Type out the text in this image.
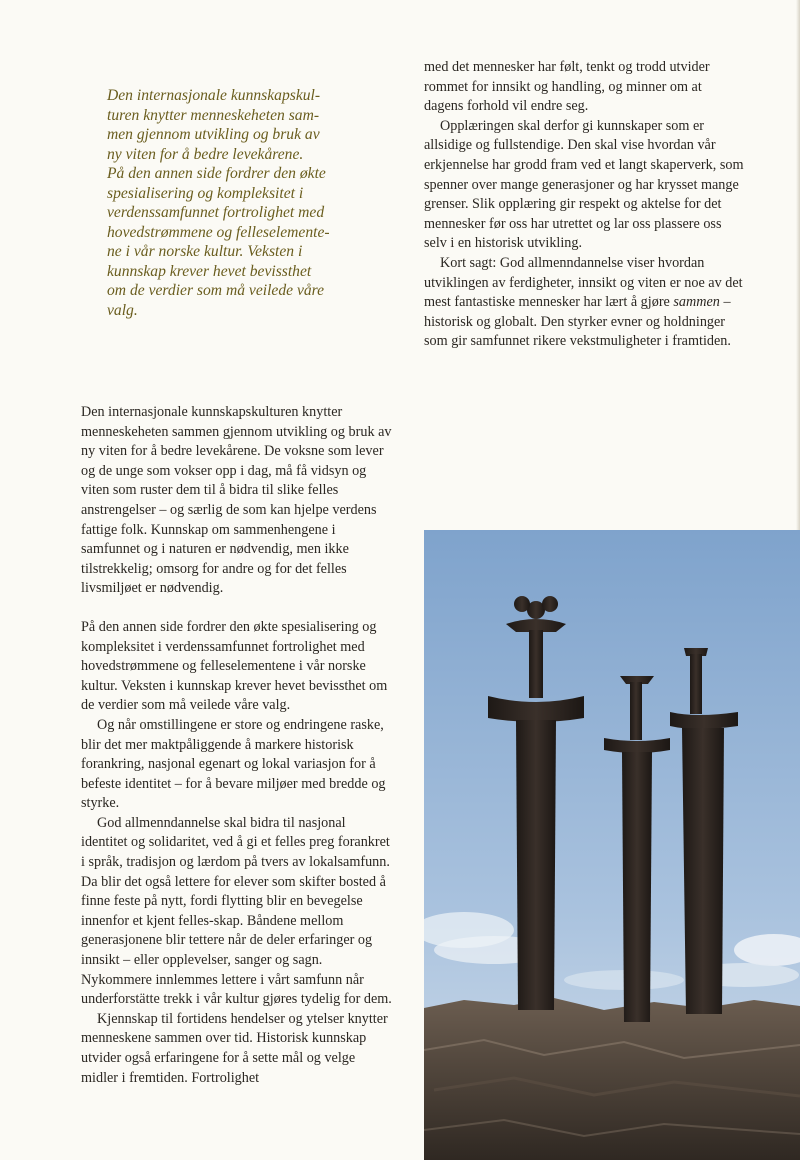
Den internasjonale kunnskapskul-
turen knytter menneskeheten sam-
men gjennom utvikling og bruk av
ny viten for å bedre levekårene.
På den annen side fordrer den økte
spesialisering og kompleksitet i
verdenssamfunnet fortrolighet med
hovedstrømmene og felleselemente-
ne i vår norske kultur. Veksten i
kunnskap krever hevet bevissthet
om de verdier som må veilede våre
valg.

med det mennesker har følt, tenkt og trodd utvider rommet for innsikt og handling, og minner om at dagens forhold vil endre seg.

Opplæringen skal derfor gi kunnskaper som er allsidige og fullstendige. Den skal vise hvordan vår erkjennelse har grodd fram ved et langt skaperverk, som spenner over mange generasjoner og har krysset mange grenser. Slik opplæring gir respekt og aktelse for det mennesker før oss har utrettet og lar oss plassere oss selv i en historisk utvikling.

Kort sagt: God allmenndannelse viser hvordan utviklingen av ferdigheter, innsikt og viten er noe av det mest fantastiske mennesker har lært å gjøre sammen – historisk og globalt. Den styrker evner og holdninger som gir samfunnet rikere vekstmuligheter i framtiden.

Den internasjonale kunnskapskulturen knytter menneskeheten sammen gjennom utvikling og bruk av ny viten for å bedre levekårene. De voksne som lever og de unge som vokser opp i dag, må få vidsyn og viten som ruster dem til å bidra til slike felles anstrengelser – og særlig de som kan hjelpe verdens fattige folk. Kunnskap om sammenhengene i samfunnet og i naturen er nødvendig, men ikke tilstrekkelig; omsorg for andre og for det felles livsmiljøet er nødvendig.

På den annen side fordrer den økte spesialisering og kompleksitet i verdenssamfunnet fortrolighet med hovedstrømmene og felleselementene i vår norske kultur. Veksten i kunnskap krever hevet bevissthet om de verdier som må veilede våre valg.

Og når omstillingene er store og endringene raske, blir det mer maktpåliggende å markere historisk forankring, nasjonal egenart og lokal variasjon for å befeste identitet – for å bevare miljøer med bredde og styrke.

God allmenndannelse skal bidra til nasjonal identitet og solidaritet, ved å gi et felles preg forankret i språk, tradisjon og lærdom på tvers av lokalsamfunn. Da blir det også lettere for elever som skifter bosted å finne feste på nytt, fordi flytting blir en bevegelse innenfor et kjent felles-skap. Båndene mellom generasjonene blir tettere når de deler erfaringer og innsikt – eller opplevelser, sanger og sagn. Nykommere innlemmes lettere i vårt samfunn når underforstätte trekk i vår kultur gjøres tydelig for dem.

Kjennskap til fortidens hendelser og ytelser knytter menneskene sammen over tid. Historisk kunnskap utvider også erfaringene for å sette mål og velge midler i fremtiden. Fortrolighet
